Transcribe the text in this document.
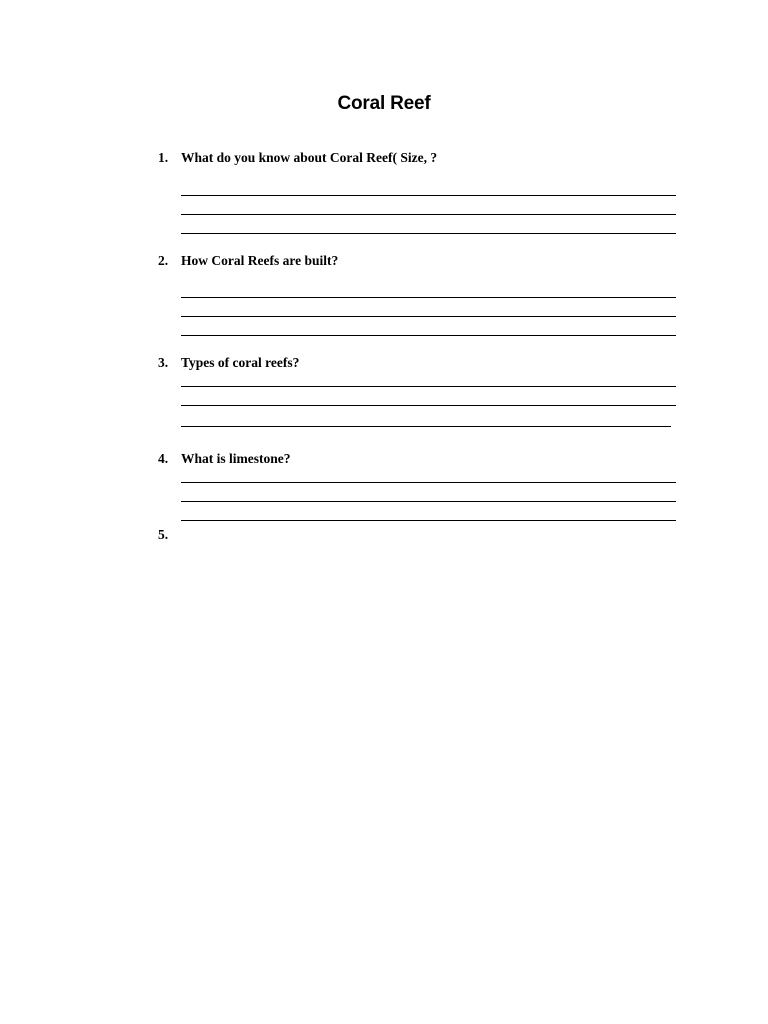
Coral Reef
1. What do you know about Coral Reef( Size, ?
2. How Coral Reefs are built?
3. Types of coral reefs?
4. What is limestone?
5.
